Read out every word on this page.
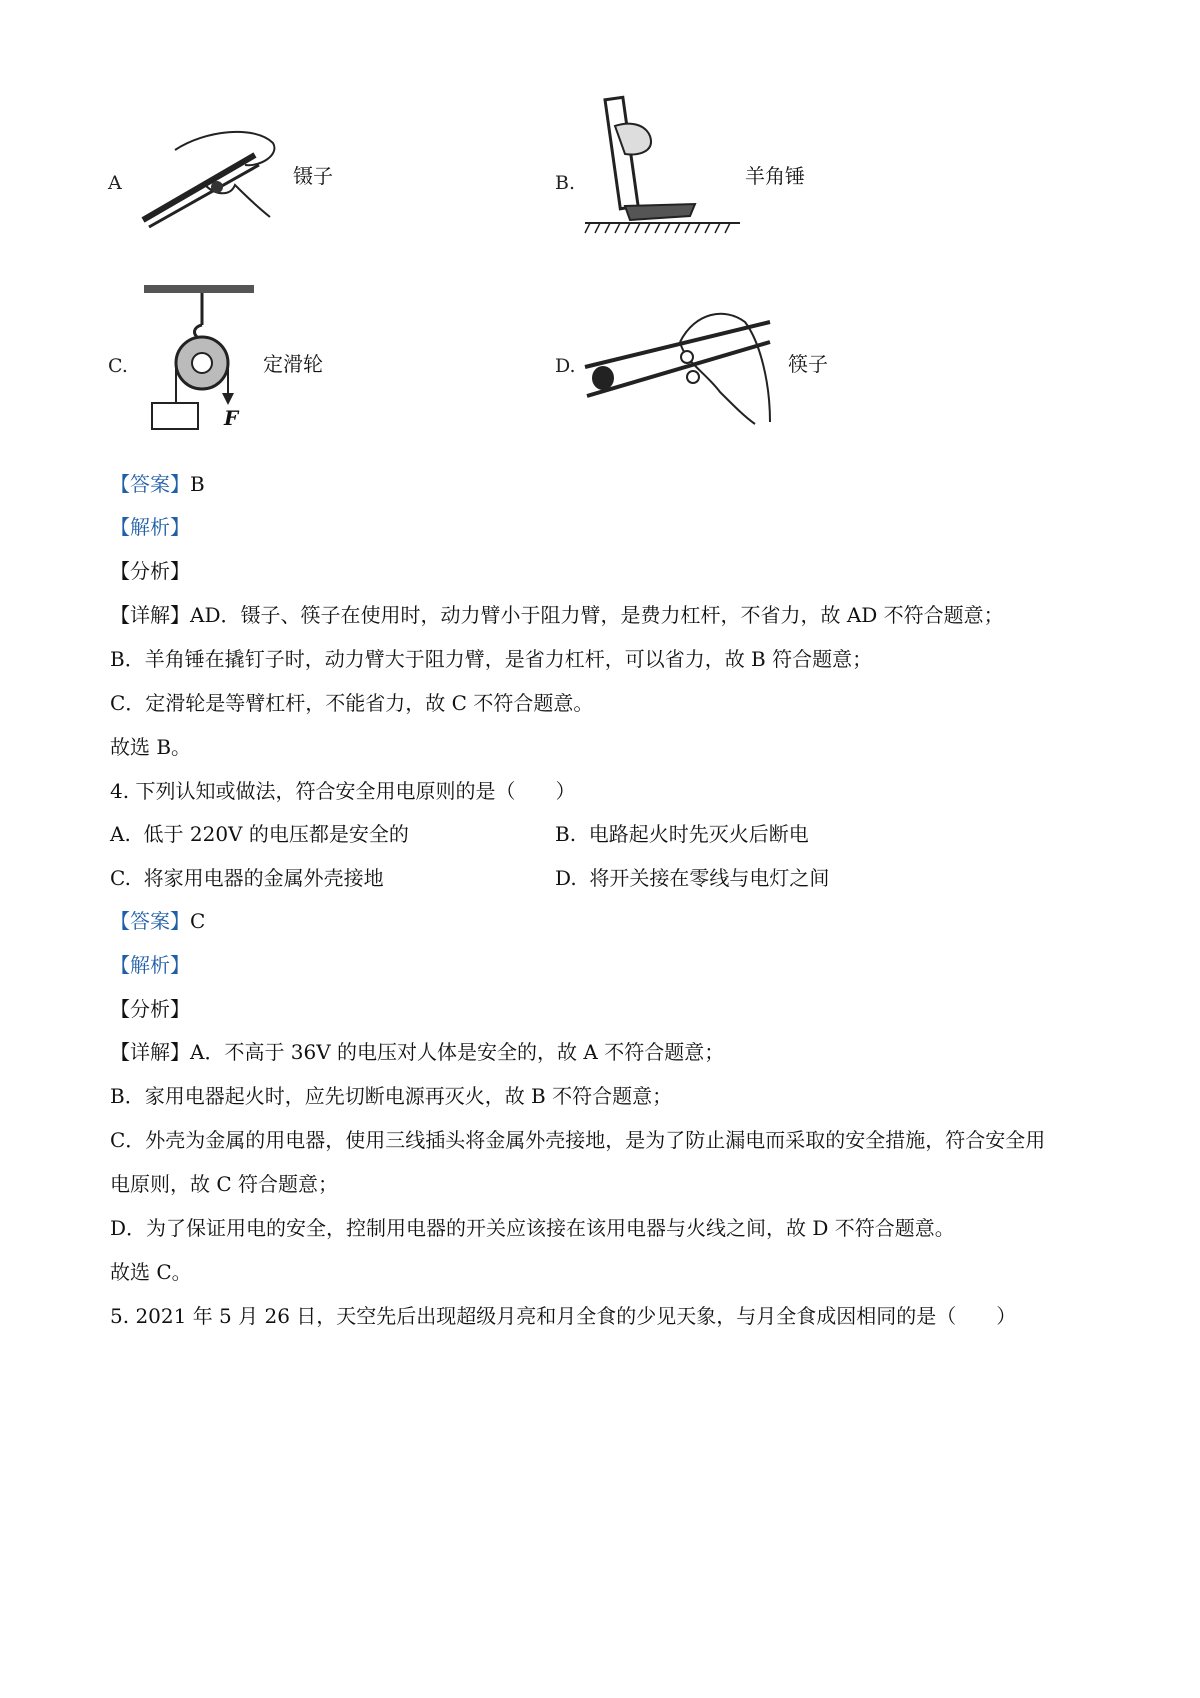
A	镊子	B.	羊角锤
C.
F
定滑轮	D.	筷子
【答案】B
【解析】
【分析】
【详解】AD．镊子、筷子在使用时，动力臂小于阻力臂，是费力杠杆，不省力，故 AD 不符合题意；
B．羊角锤在撬钉子时，动力臂大于阻力臂，是省力杠杆，可以省力，故 B 符合题意；
C．定滑轮是等臂杠杆，不能省力，故 C 不符合题意。
故选 B。
4. 下列认知或做法，符合安全用电原则的是（　　）
A. 低于 220V 的电压都是安全的	B. 电路起火时先灭火后断电
C. 将家用电器的金属外壳接地	D. 将开关接在零线与电灯之间
【答案】C
【解析】
【分析】
【详解】A．不高于 36V 的电压对人体是安全的，故 A 不符合题意；
B．家用电器起火时，应先切断电源再灭火，故 B 不符合题意；
C．外壳为金属的用电器，使用三线插头将金属外壳接地，是为了防止漏电而采取的安全措施，符合安全用
电原则，故 C 符合题意；
D．为了保证用电的安全，控制用电器的开关应该接在该用电器与火线之间，故 D 不符合题意。
故选 C。
5. 2021 年 5 月 26 日，天空先后出现超级月亮和月全食的少见天象，与月全食成因相同的是（　　）
